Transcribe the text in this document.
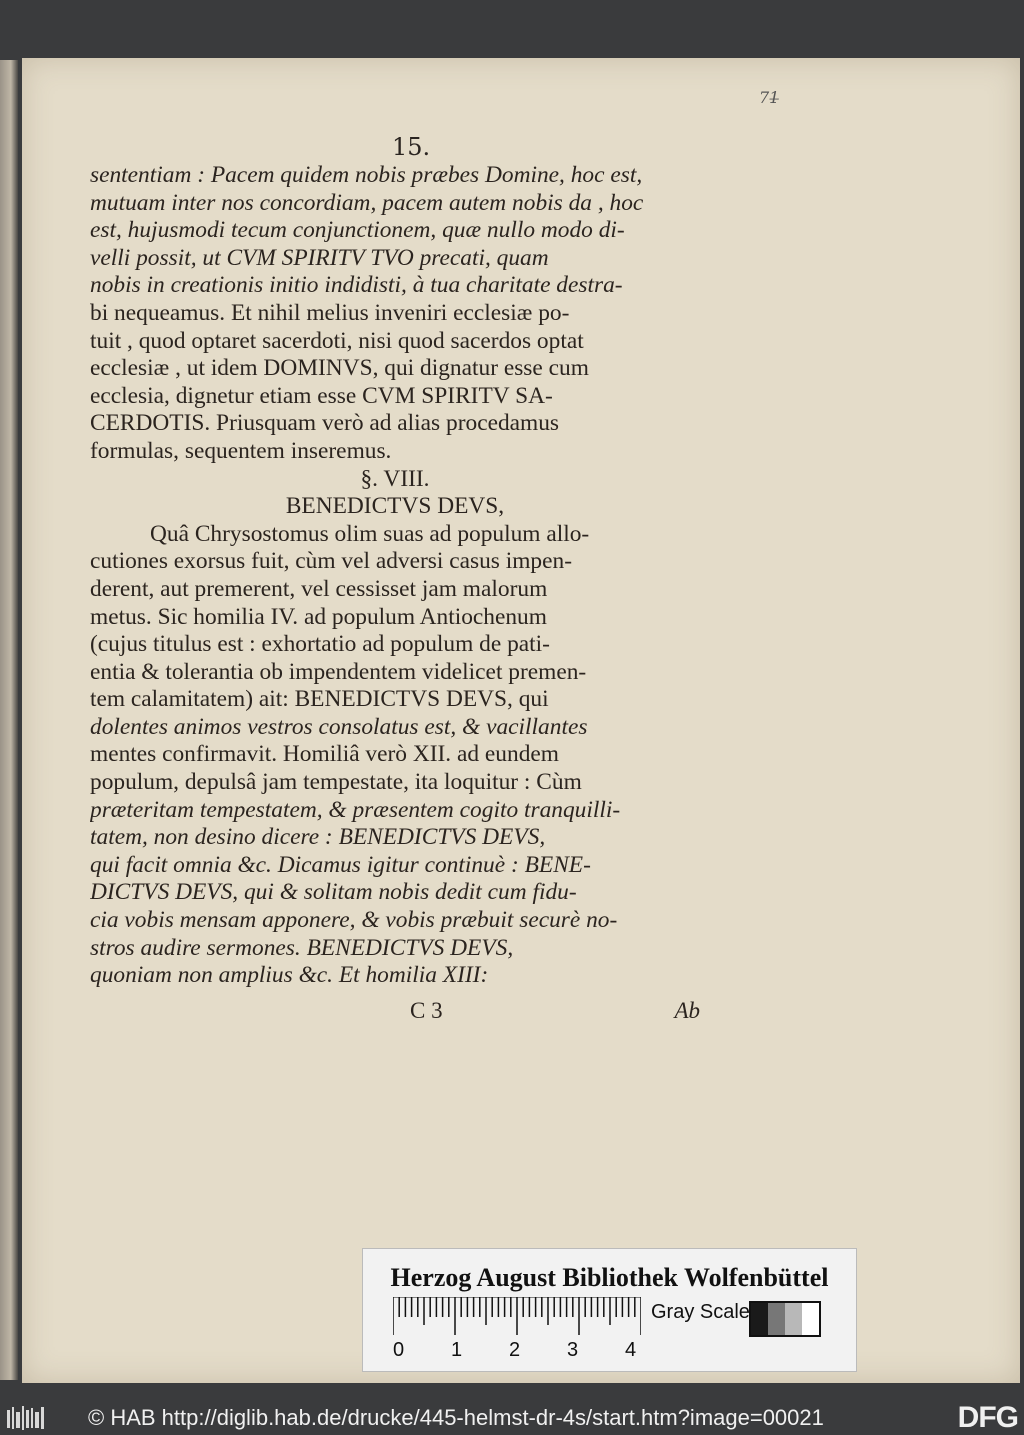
71̶
15.
sententiam : Pacem quidem nobis præbes Domine, hoc est,
mutuam inter nos concordiam, pacem autem nobis da , hoc
est, hujusmodi tecum conjunctionem, quæ nullo modo di-
velli possit, ut CVM SPIRITV TVO precati, quam
nobis in creationis initio indidisti, à tua charitate destra-
bi nequeamus. Et nihil melius inveniri ecclesiæ po-
tuit , quod optaret sacerdoti, nisi quod sacerdos optat
ecclesiæ , ut idem DOMINVS, qui dignatur esse cum
ecclesia, dignetur etiam esse CVM SPIRITV SA-
CERDOTIS. Priusquam verò ad alias procedamus
formulas, sequentem inseremus.
§. VIII.
BENEDICTVS DEVS,
Quâ Chrysostomus olim suas ad populum allo-
cutiones exorsus fuit, cùm vel adversi casus impen-
derent, aut premerent, vel cessisset jam malorum
metus. Sic homilia IV. ad populum Antiochenum
(cujus titulus est : exhortatio ad populum de pati-
entia & tolerantia ob impendentem videlicet premen-
tem calamitatem) ait: BENEDICTVS DEVS, qui
dolentes animos vestros consolatus est, & vacillantes
mentes confirmavit. Homiliâ verò XII. ad eundem
populum, depulsâ jam tempestate, ita loquitur : Cùm
præteritam tempestatem, & præsentem cogito tranquilli-
tatem, non desino dicere : BENEDICTVS DEVS,
qui facit omnia &c. Dicamus igitur continuè : BENE-
DICTVS DEVS, qui & solitam nobis dedit cum fidu-
cia vobis mensam apponere, & vobis præbuit securè no-
stros audire sermones. BENEDICTVS DEVS,
quoniam non amplius &c. Et homilia XIII:
C 3	Ab
Herzog August Bibliothek Wolfenbüttel
0 1 2 3 4
Gray Scale
© HAB http://diglib.hab.de/drucke/445-helmst-dr-4s/start.htm?image=00021	DFG
